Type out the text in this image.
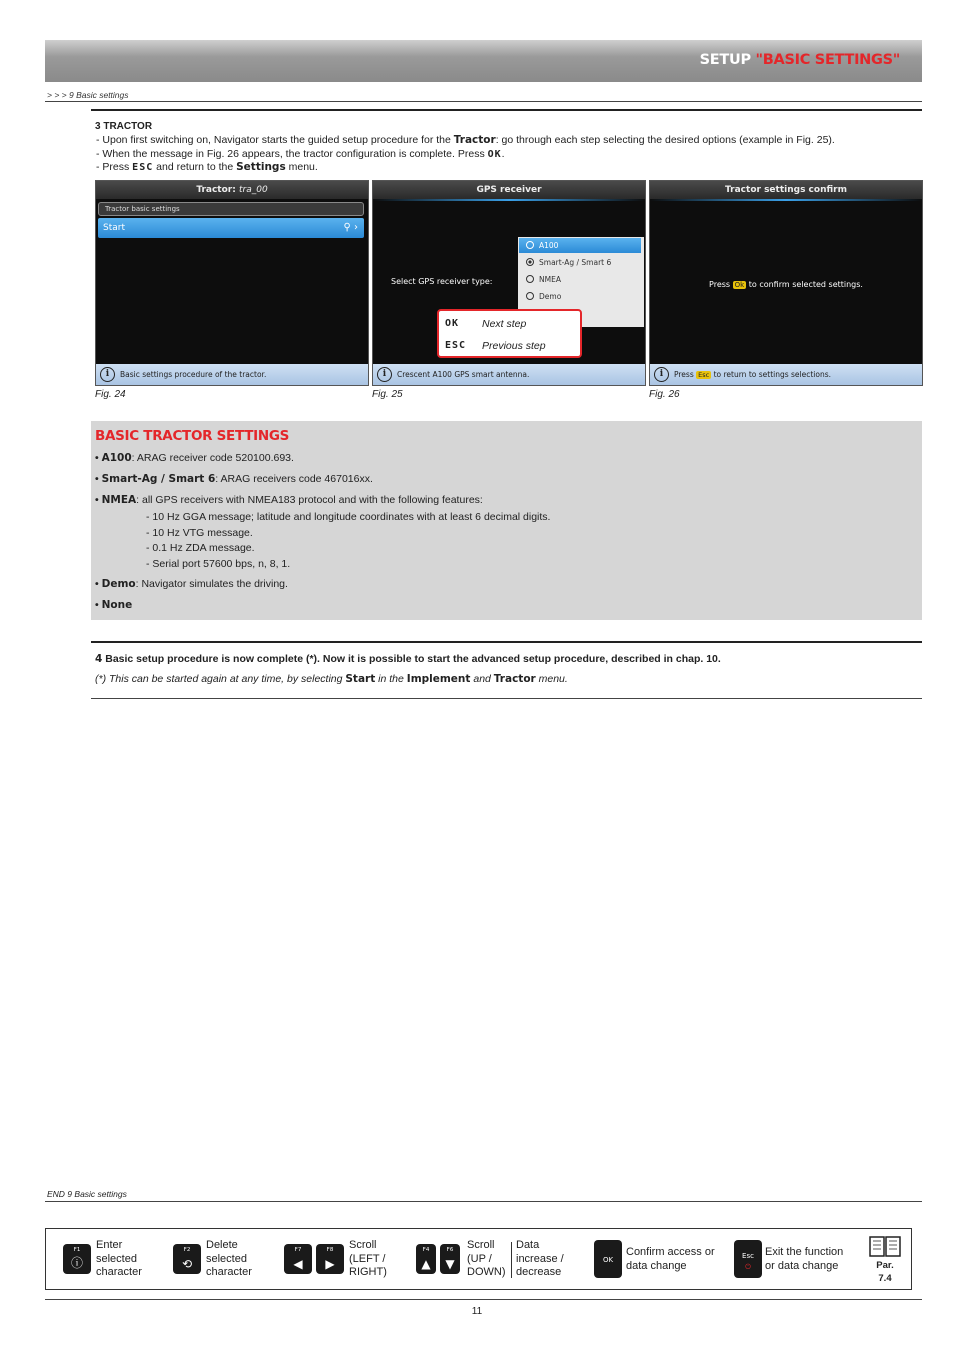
SETUP "BASIC SETTINGS"
> > > 9 Basic settings
3 TRACTOR
- Upon first switching on, Navigator starts the guided setup procedure for the Tractor: go through each step selecting the desired options (example in Fig. 25).
- When the message in Fig. 26 appears, the tractor configuration is complete. Press OK.
- Press ESC and return to the Settings menu.
Tractor: tra_00
Tractor basic settings
Start	⚲ ›
i	Basic settings procedure of the tractor.
Fig. 24
GPS receiver
Select GPS receiver type:
A100
Smart-Ag / Smart 6
NMEA
Demo
OK Next step
ESC Previous step
i	Crescent A100 GPS smart antenna.
Fig. 25
Tractor settings confirm
Press Ok to confirm selected settings.
i	Press Esc to return to settings selections.
Fig. 26
BASIC TRACTOR SETTINGS
• A100: ARAG receiver code 520100.693.
• Smart-Ag / Smart 6: ARAG receivers code 467016xx.
• NMEA: all GPS receivers with NMEA183 protocol and with the following features:
- 10 Hz GGA message; latitude and longitude coordinates with at least 6 decimal digits.
- 10 Hz VTG message.
- 0.1 Hz ZDA message.
- Serial port 57600 bps, n, 8, 1.
• Demo: Navigator simulates the driving.
• None
4 Basic setup procedure is now complete (*). Now it is possible to start the advanced setup procedure, described in chap. 10.
(*) This can be started again at any time, by selecting Start in the Implement and Tractor menu.
END 9 Basic settings
F1
ⓘ
Enter selected character
F2
⟲
Delete selected character
F7
◀
F8
▶
Scroll (LEFT / RIGHT)
F4
▲
F6
▼
Scroll (UP / DOWN)
Data increase / decrease
OK
Confirm access or data change
Esc
⏻
Exit the function or data change	Par.
7.4
11
